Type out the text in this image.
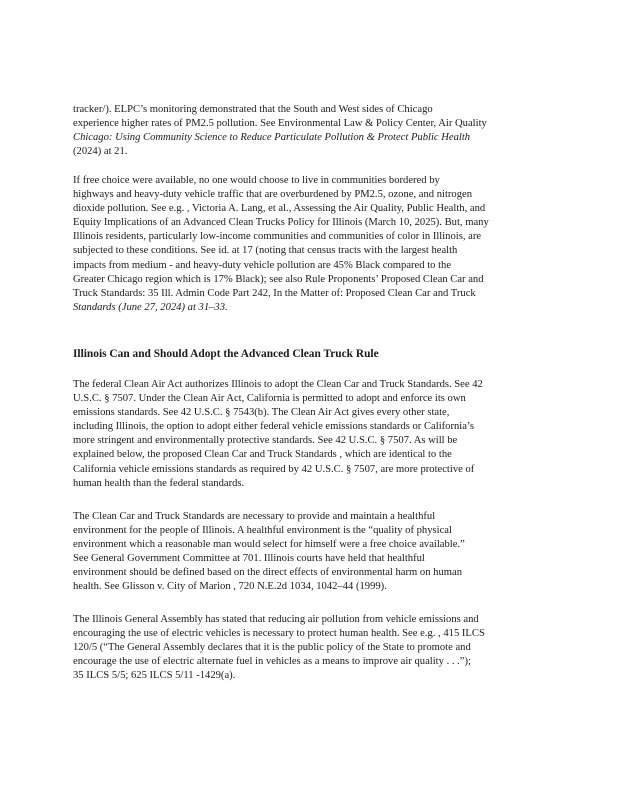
tracker/). ELPC’s monitoring demonstrated that the South and West sides of Chicago
experience higher rates of PM2.5 pollution. See Environmental Law & Policy Center, Air Quality
Chicago: Using Community Science to Reduce Particulate Pollution & Protect Public Health
(2024) at 21.
If free choice were available, no one would choose to live in communities bordered by
highways and heavy-duty vehicle traffic that are overburdened by PM2.5, ozone, and nitrogen
dioxide pollution. See e.g. , Victoria A. Lang, et al., Assessing the Air Quality, Public Health, and
Equity Implications of an Advanced Clean Trucks Policy for Illinois (March 10, 2025). But, many
Illinois residents, particularly low-income communities and communities of color in Illinois, are
subjected to these conditions. See id. at 17 (noting that census tracts with the largest health
impacts from medium - and heavy-duty vehicle pollution are 45% Black compared to the
Greater Chicago region which is 17% Black); see also Rule Proponents’ Proposed Clean Car and
Truck Standards: 35 Ill. Admin Code Part 242, In the Matter of: Proposed Clean Car and Truck
Standards (June 27, 2024) at 31–33.
Illinois Can and Should Adopt the Advanced Clean Truck Rule
The federal Clean Air Act authorizes Illinois to adopt the Clean Car and Truck Standards. See 42
U.S.C. § 7507. Under the Clean Air Act, California is permitted to adopt and enforce its own
emissions standards. See 42 U.S.C. § 7543(b). The Clean Air Act gives every other state,
including Illinois, the option to adopt either federal vehicle emissions standards or California’s
more stringent and environmentally protective standards. See 42 U.S.C. § 7507. As will be
explained below, the proposed Clean Car and Truck Standards , which are identical to the
California vehicle emissions standards as required by 42 U.S.C. § 7507, are more protective of
human health than the federal standards.
The Clean Car and Truck Standards are necessary to provide and maintain a healthful
environment for the people of Illinois. A healthful environment is the “quality of physical
environment which a reasonable man would select for himself were a free choice available.”
See General Government Committee at 701. Illinois courts have held that healthful
environment should be defined based on the direct effects of environmental harm on human
health. See Glisson v. City of Marion , 720 N.E.2d 1034, 1042–44 (1999).
The Illinois General Assembly has stated that reducing air pollution from vehicle emissions and
encouraging the use of electric vehicles is necessary to protect human health. See e.g. , 415 ILCS
120/5 (“The General Assembly declares that it is the public policy of the State to promote and
encourage the use of electric alternate fuel in vehicles as a means to improve air quality . . .”);
35 ILCS 5/5; 625 ILCS 5/11 -1429(a).
